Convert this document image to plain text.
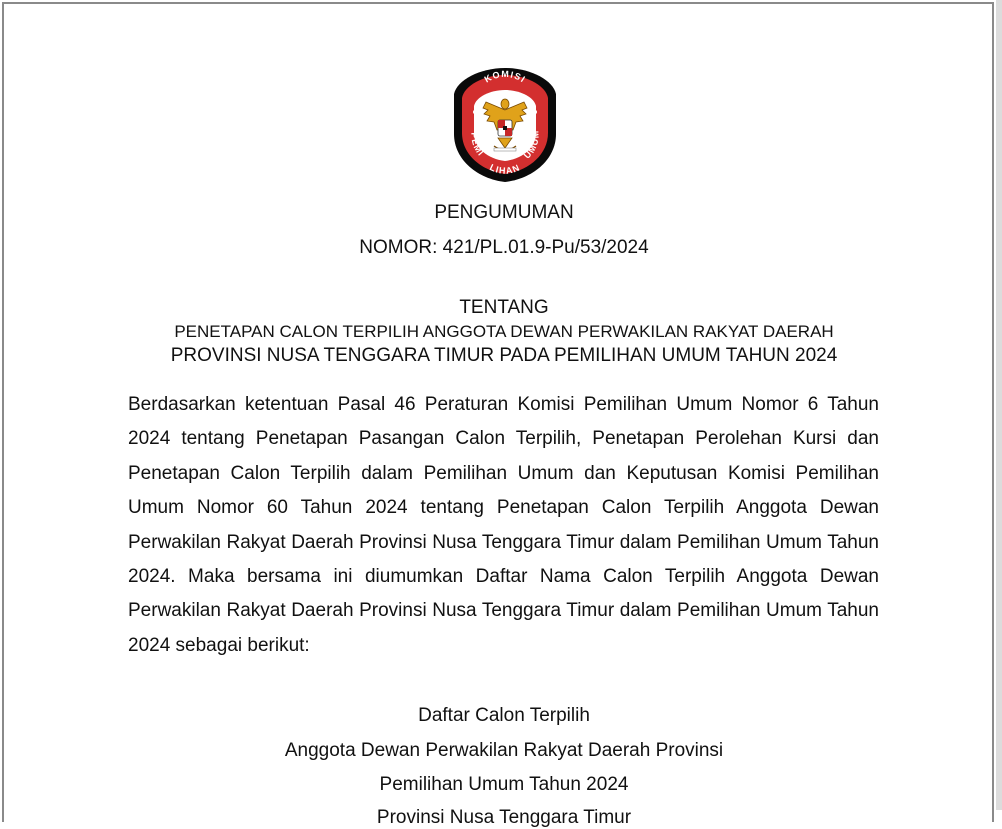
KOMISI
PEMI
LIHAN
UMUM
PENGUMUMAN
NOMOR: 421/PL.01.9-Pu/53/2024
TENTANG
PENETAPAN CALON TERPILIH ANGGOTA DEWAN PERWAKILAN RAKYAT DAERAH
PROVINSI NUSA TENGGARA TIMUR PADA PEMILIHAN UMUM TAHUN 2024
Berdasarkan ketentuan Pasal 46 Peraturan Komisi Pemilihan Umum Nomor 6 Tahun 2024 tentang Penetapan Pasangan Calon Terpilih, Penetapan Perolehan Kursi dan Penetapan Calon Terpilih dalam Pemilihan Umum dan Keputusan Komisi Pemilihan Umum Nomor 60 Tahun 2024 tentang Penetapan Calon Terpilih Anggota Dewan Perwakilan Rakyat Daerah Provinsi Nusa Tenggara Timur dalam Pemilihan Umum Tahun 2024. Maka bersama ini diumumkan Daftar Nama Calon Terpilih Anggota Dewan Perwakilan Rakyat Daerah Provinsi Nusa Tenggara Timur dalam Pemilihan Umum Tahun 2024 sebagai berikut:
Daftar Calon Terpilih
Anggota Dewan Perwakilan Rakyat Daerah Provinsi
Pemilihan Umum Tahun 2024
Provinsi Nusa Tenggara Timur
